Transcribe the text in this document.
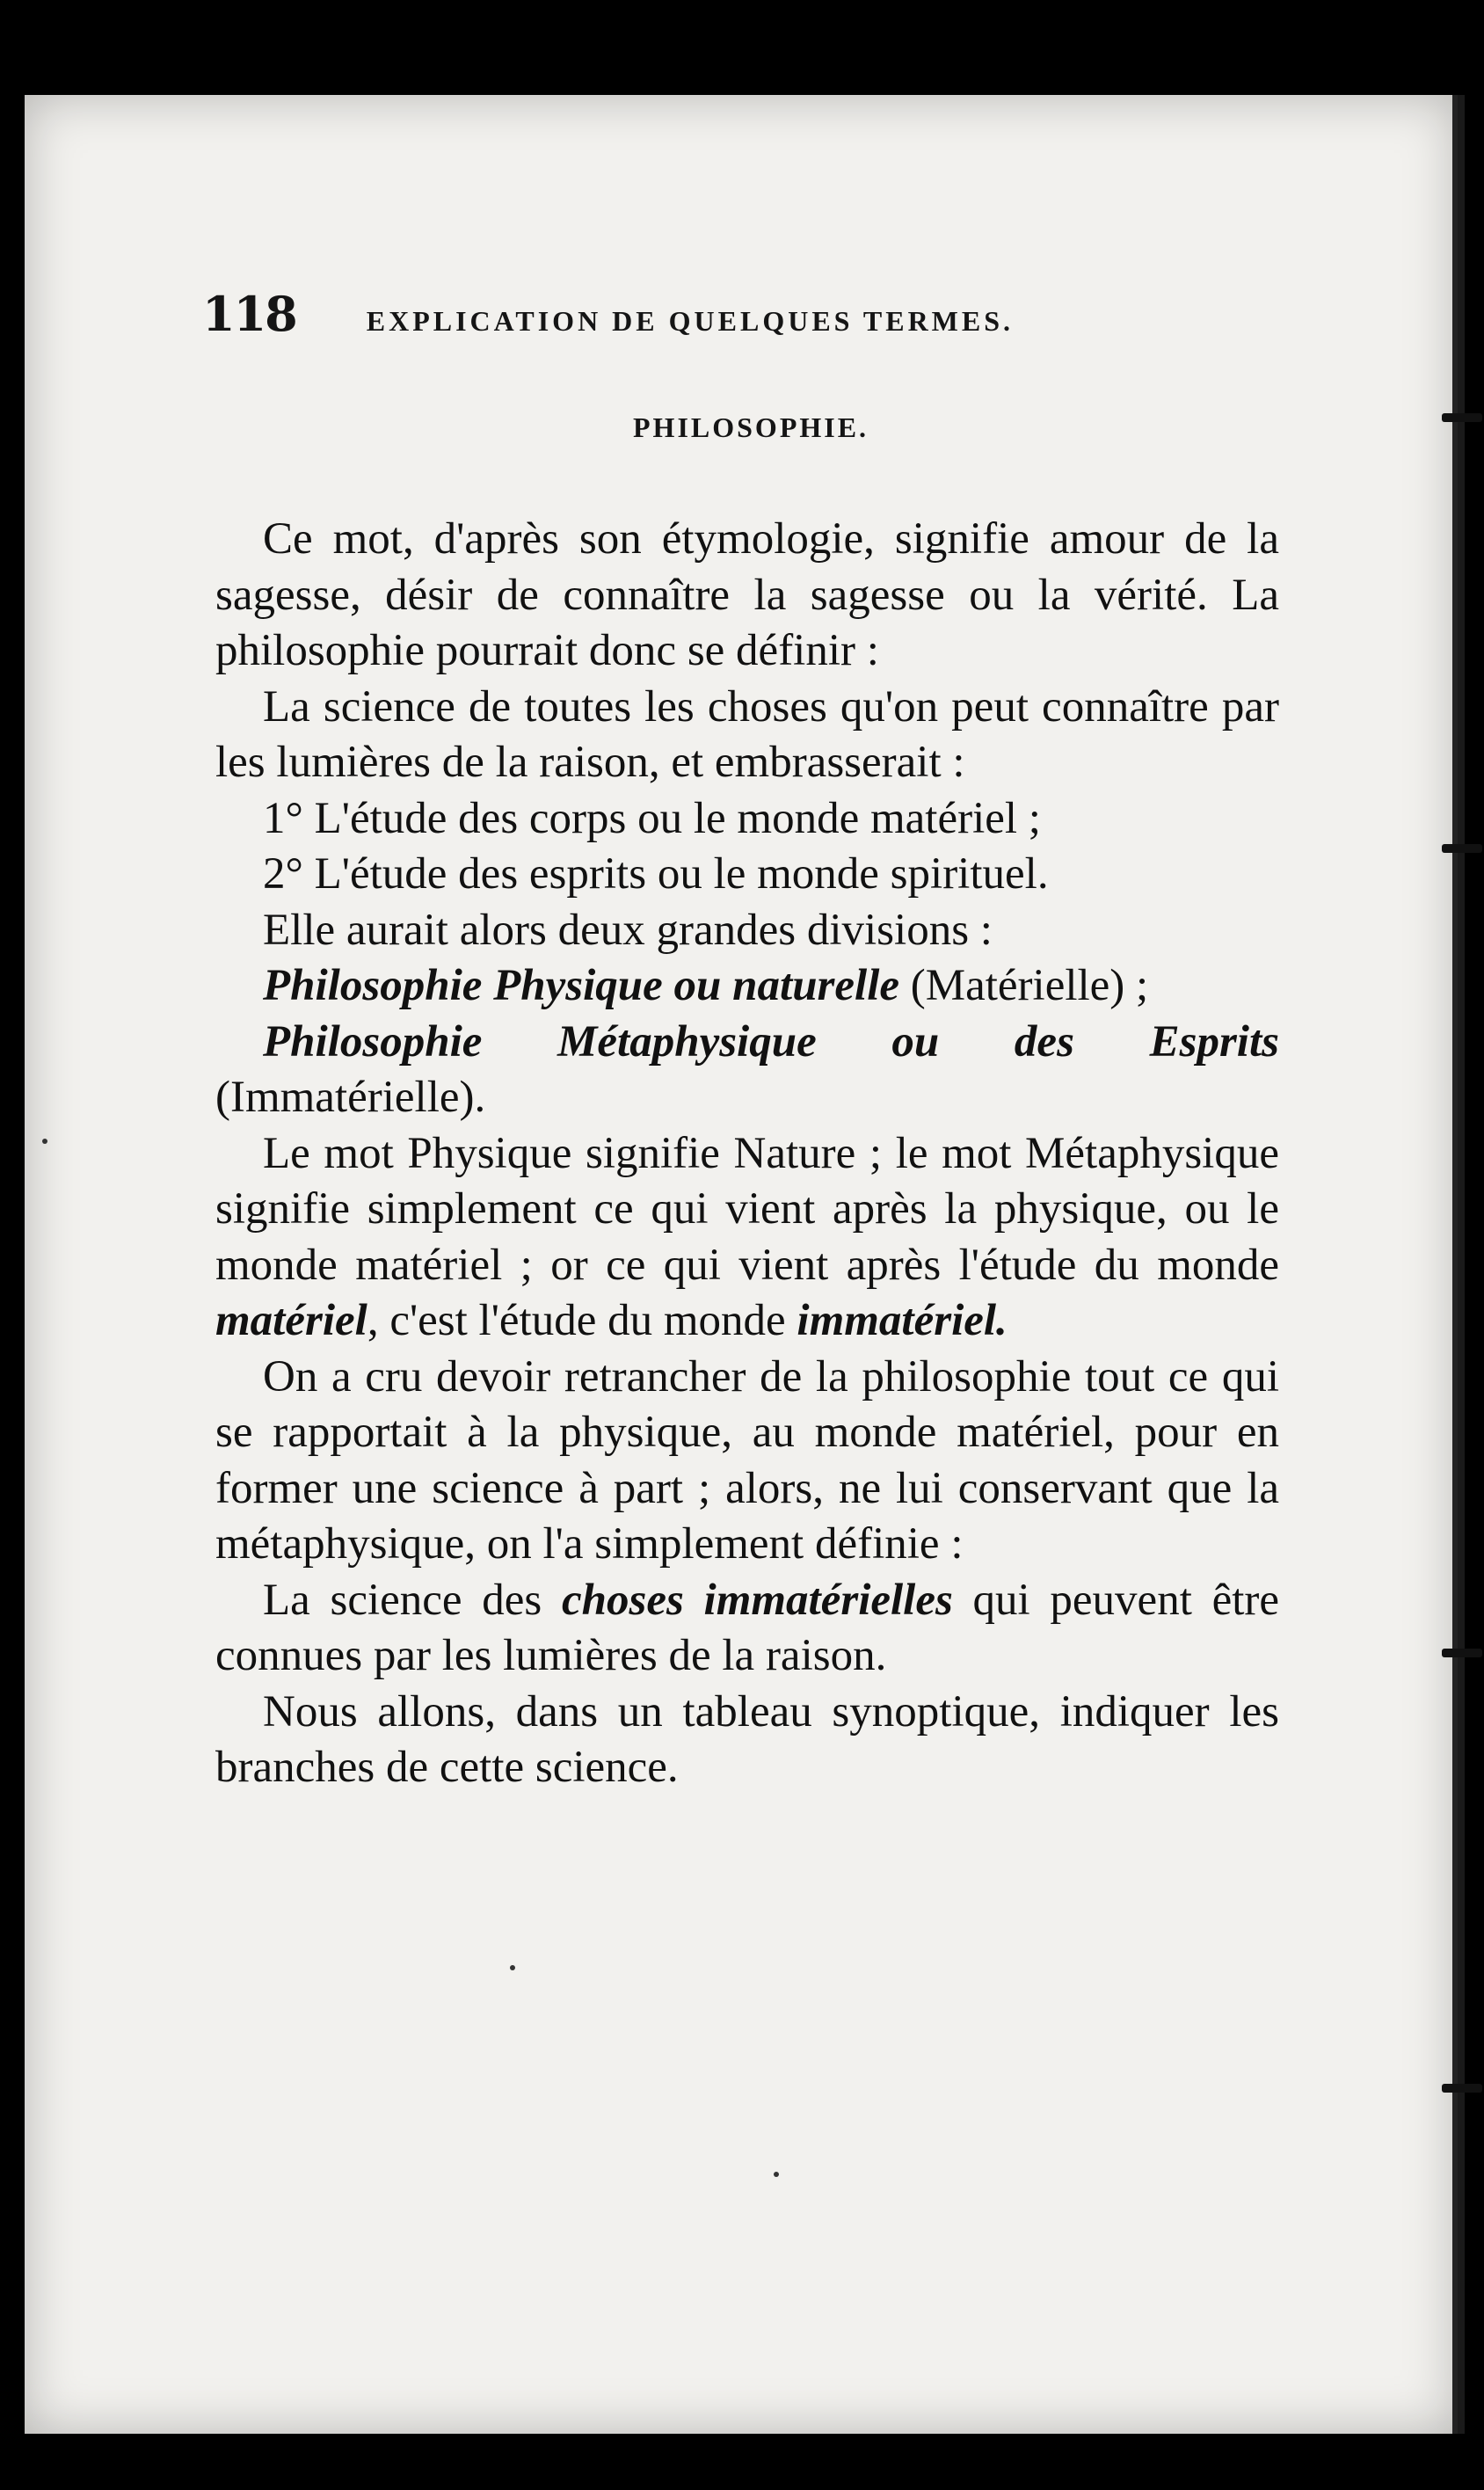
118	EXPLICATION DE QUELQUES TERMES.
PHILOSOPHIE.

Ce mot, d'après son étymologie, signifie amour de la sagesse, désir de connaître la sagesse ou la vérité. La philosophie pourrait donc se définir :

La science de toutes les choses qu'on peut connaître par les lumières de la raison, et embrasserait :

1° L'étude des corps ou le monde matériel ;

2° L'étude des esprits ou le monde spirituel.

Elle aurait alors deux grandes divisions :

Philosophie Physique ou naturelle (Matérielle) ;

Philosophie Métaphysique ou des Esprits (Immatérielle).

Le mot Physique signifie Nature ; le mot Métaphysique signifie simplement ce qui vient après la physique, ou le monde matériel ; or ce qui vient après l'étude du monde matériel, c'est l'étude du monde immatériel.

On a cru devoir retrancher de la philosophie tout ce qui se rapportait à la physique, au monde matériel, pour en former une science à part ; alors, ne lui conservant que la métaphysique, on l'a simplement définie :

La science des choses immatérielles qui peuvent être connues par les lumières de la raison.

Nous allons, dans un tableau synoptique, indiquer les branches de cette science.
